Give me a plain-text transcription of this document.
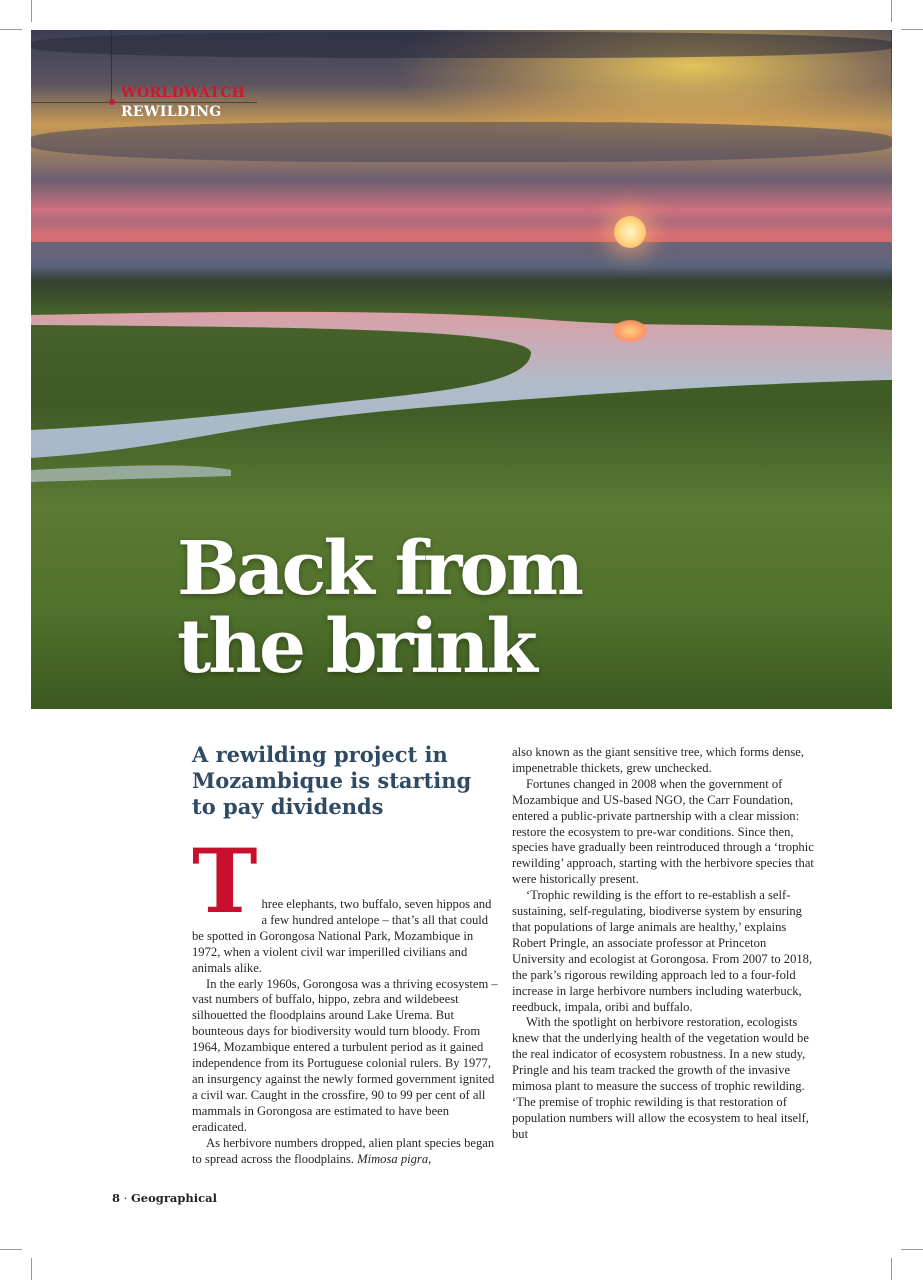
WORLDWATCH
REWILDING
Back from
the brink
A rewilding project in Mozambique is starting to pay dividends
T hree elephants, two buffalo, seven hippos and a few hundred antelope – that’s all that could be spotted in Gorongosa National Park, Mozambique in 1972, when a violent civil war imperilled civilians and animals alike.

In the early 1960s, Gorongosa was a thriving ecosystem – vast numbers of buffalo, hippo, zebra and wildebeest silhouetted the floodplains around Lake Urema. But bounteous days for biodiversity would turn bloody. From 1964, Mozambique entered a turbulent period as it gained independence from its Portuguese colonial rulers. By 1977, an insurgency against the newly formed government ignited a civil war. Caught in the crossfire, 90 to 99 per cent of all mammals in Gorongosa are estimated to have been eradicated.

As herbivore numbers dropped, alien plant species began to spread across the floodplains. Mimosa pigra,

also known as the giant sensitive tree, which forms dense, impenetrable thickets, grew unchecked.

Fortunes changed in 2008 when the government of Mozambique and US-based NGO, the Carr Foundation, entered a public-private partnership with a clear mission: restore the ecosystem to pre-war conditions. Since then, species have gradually been reintroduced through a ‘trophic rewilding’ approach, starting with the herbivore species that were historically present.

‘Trophic rewilding is the effort to re-establish a self-sustaining, self-regulating, biodiverse system by ensuring that populations of large animals are healthy,’ explains Robert Pringle, an associate professor at Princeton University and ecologist at Gorongosa. From 2007 to 2018, the park’s rigorous rewilding approach led to a four-fold increase in large herbivore numbers including waterbuck, reedbuck, impala, oribi and buffalo.

With the spotlight on herbivore restoration, ecologists knew that the underlying health of the vegetation would be the real indicator of ecosystem robustness. In a new study, Pringle and his team tracked the growth of the invasive mimosa plant to measure the success of trophic rewilding. ‘The premise of trophic rewilding is that restoration of population numbers will allow the ecosystem to heal itself, but

8 · Geographical
